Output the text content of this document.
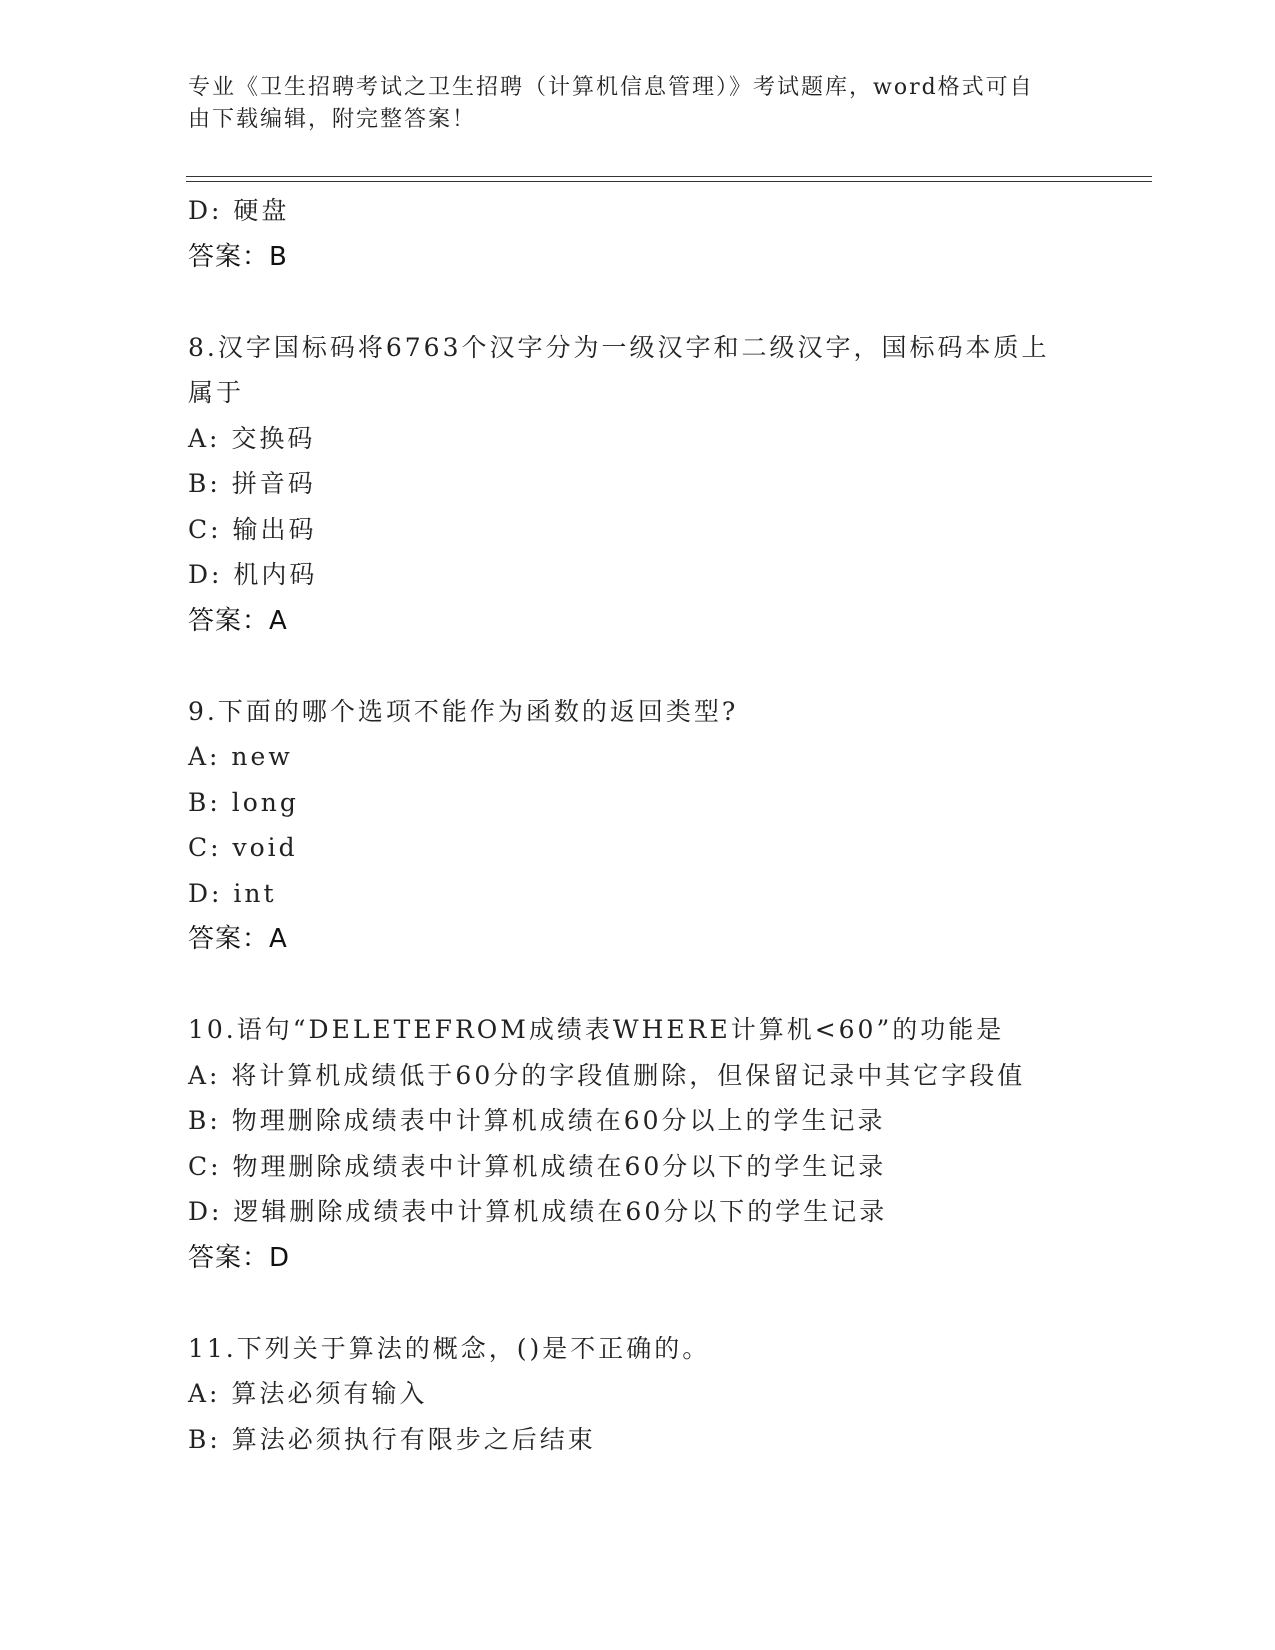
专业《卫生招聘考试之卫生招聘（计算机信息管理）》考试题库，word格式可自
由下载编辑，附完整答案！
D: 硬盘
答案：B
8.汉字国标码将6763个汉字分为一级汉字和二级汉字，国标码本质上
属于
A: 交换码
B: 拼音码
C: 输出码
D: 机内码
答案：A
9.下面的哪个选项不能作为函数的返回类型?
A: new
B: long
C: void
D: int
答案：A
10.语句“DELETEFROM成绩表WHERE计算机<60”的功能是
A: 将计算机成绩低于60分的字段值删除，但保留记录中其它字段值
B: 物理删除成绩表中计算机成绩在60分以上的学生记录
C: 物理删除成绩表中计算机成绩在60分以下的学生记录
D: 逻辑删除成绩表中计算机成绩在60分以下的学生记录
答案：D
11.下列关于算法的概念，()是不正确的。
A: 算法必须有输入
B: 算法必须执行有限步之后结束
